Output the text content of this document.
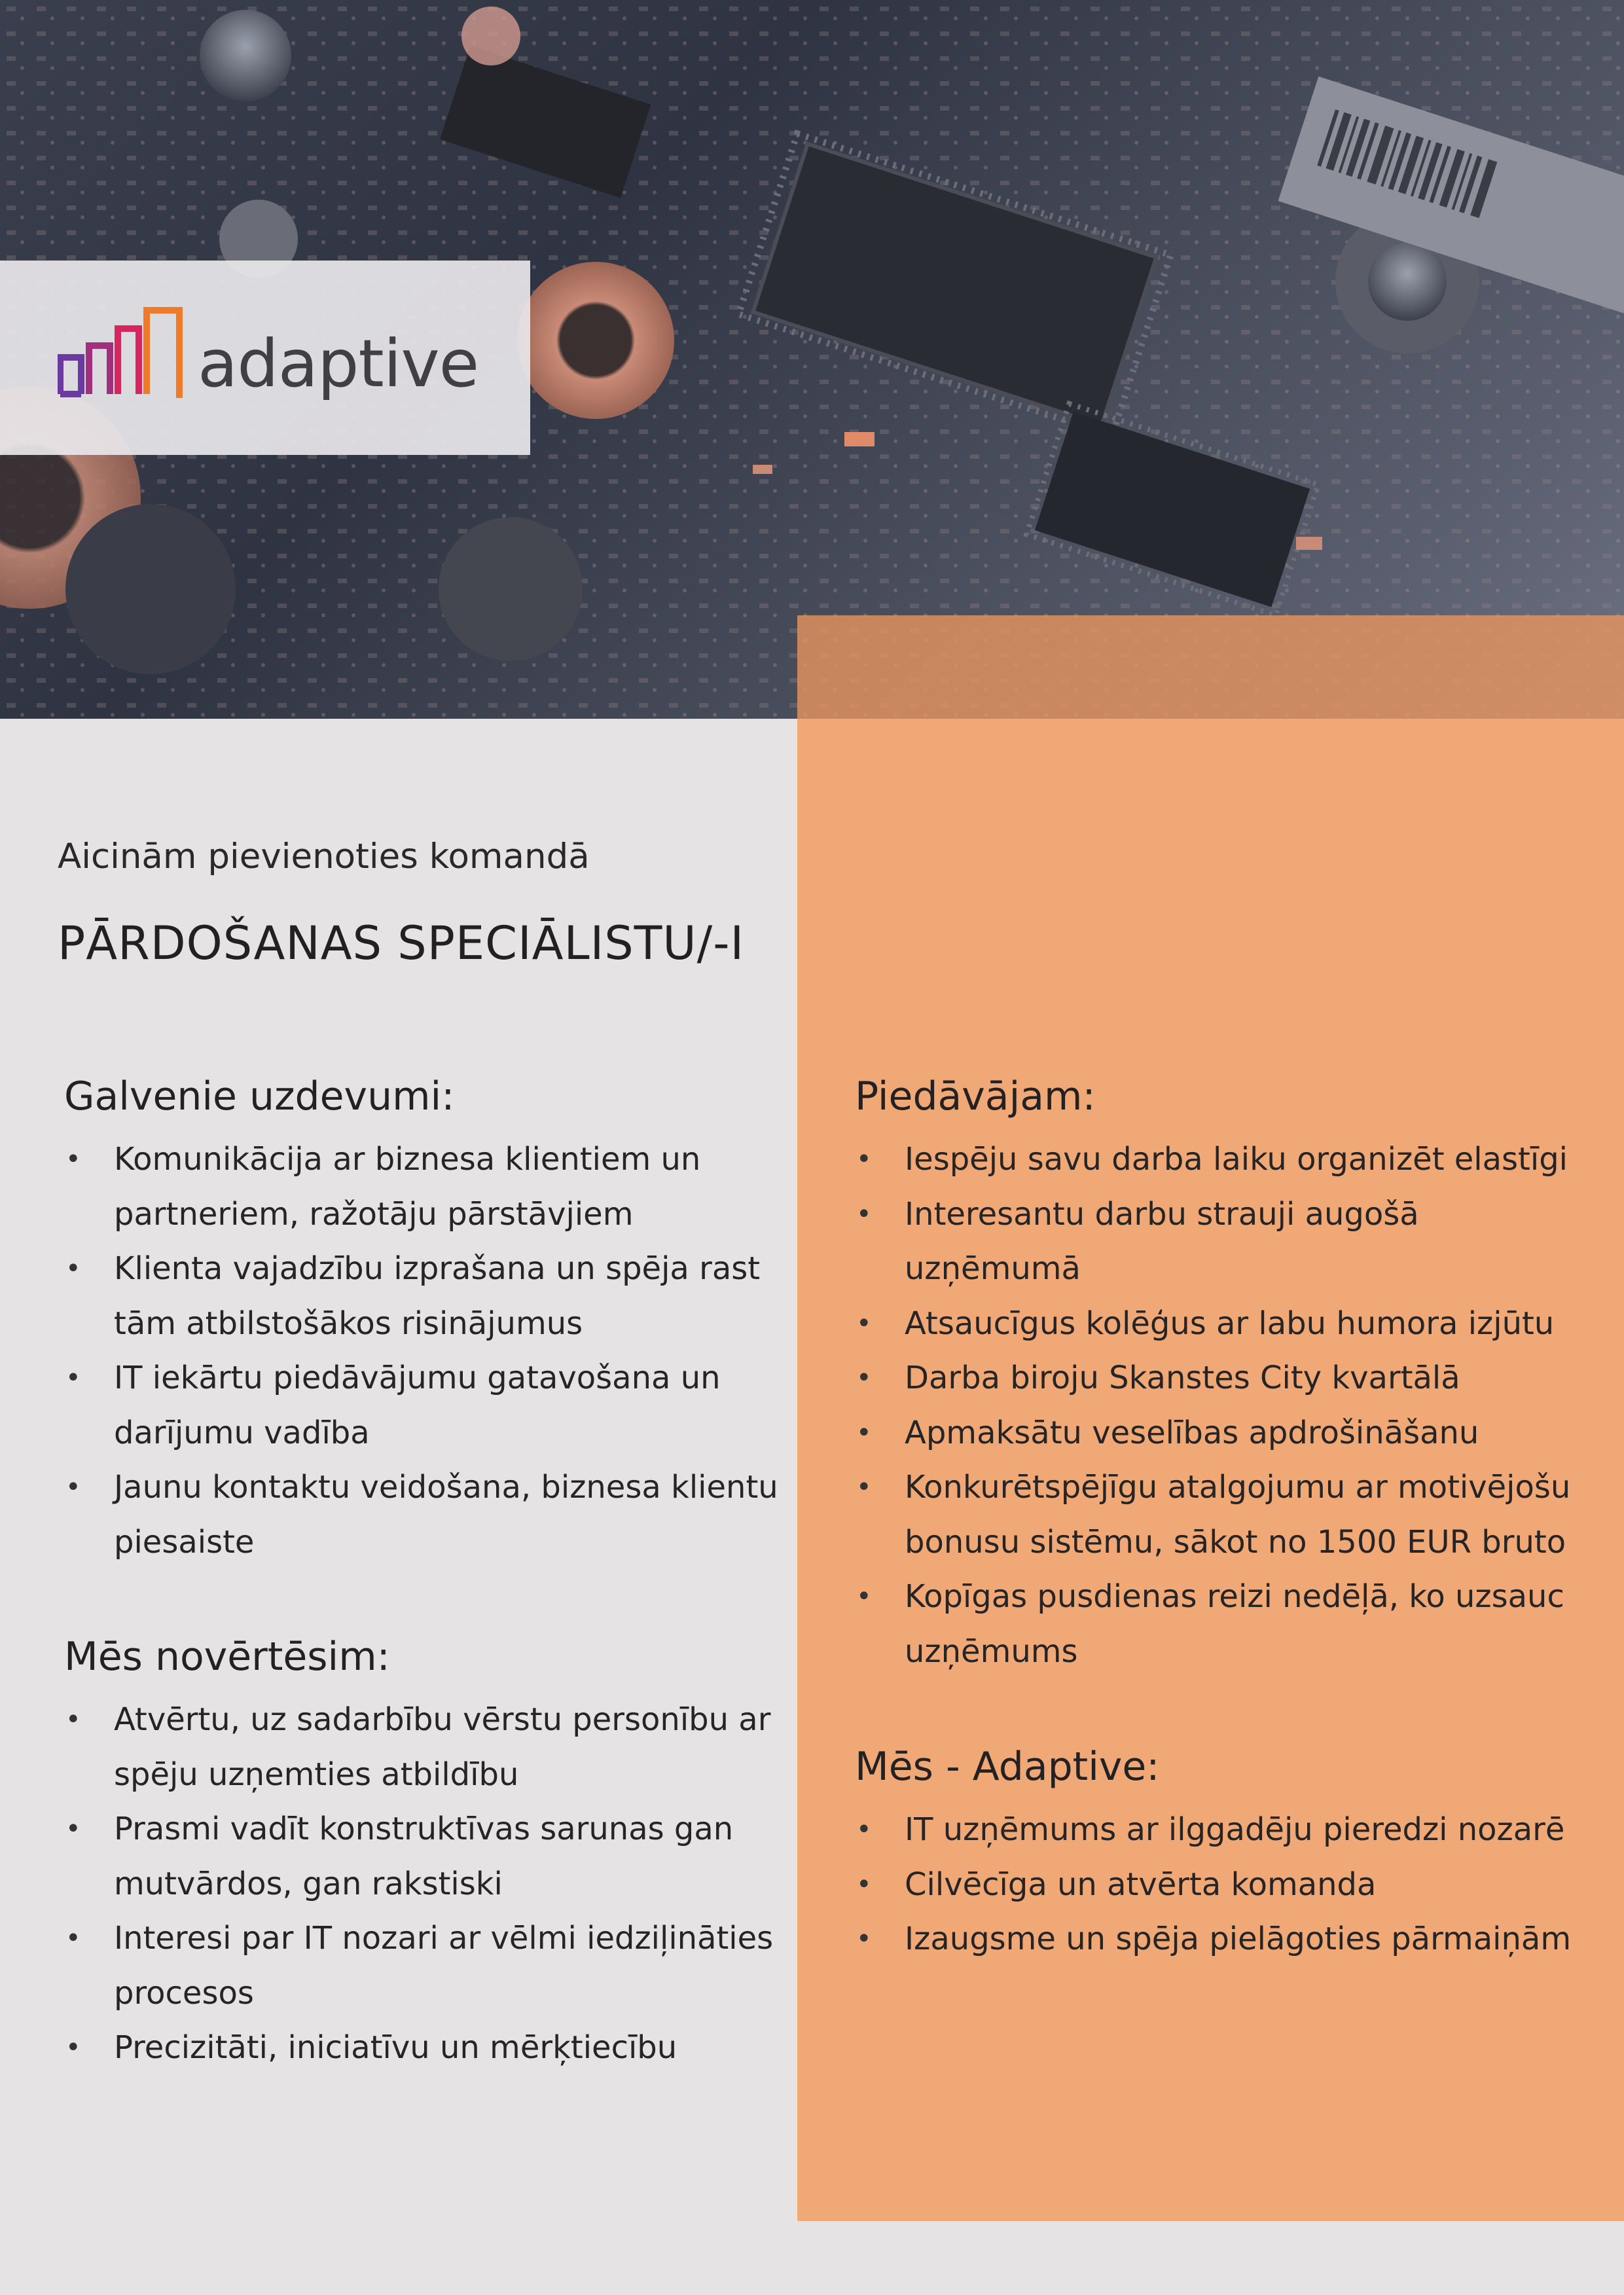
adaptive
Aicinām pievienoties komandā
PĀRDOŠANAS SPECIĀLISTU/-I
Galvenie uzdevumi:
• Komunikācija ar biznesa klientiem un
partneriem, ražotāju pārstāvjiem
• Klienta vajadzību izprašana un spēja rast
tām atbilstošākos risinājumus
• IT iekārtu piedāvājumu gatavošana un
darījumu vadība
• Jaunu kontaktu veidošana, biznesa klientu
piesaiste
Mēs novērtēsim:
• Atvērtu, uz sadarbību vērstu personību ar
spēju uzņemties atbildību
• Prasmi vadīt konstruktīvas sarunas gan
mutvārdos, gan rakstiski
• Interesi par IT nozari ar vēlmi iedziļināties
procesos
• Precizitāti, iniciatīvu un mērķtiecību
Piedāvājam:
• Iespēju savu darba laiku organizēt elastīgi
• Interesantu darbu strauji augošā
uzņēmumā
• Atsaucīgus kolēģus ar labu humora izjūtu
• Darba biroju Skanstes City kvartālā
• Apmaksātu veselības apdrošināšanu
• Konkurētspējīgu atalgojumu ar motivējošu
bonusu sistēmu, sākot no 1500 EUR bruto
• Kopīgas pusdienas reizi nedēļā, ko uzsauc
uzņēmums
Mēs - Adaptive:
• IT uzņēmums ar ilggadēju pieredzi nozarē
• Cilvēcīga un atvērta komanda
• Izaugsme un spēja pielāgoties pārmaiņām
